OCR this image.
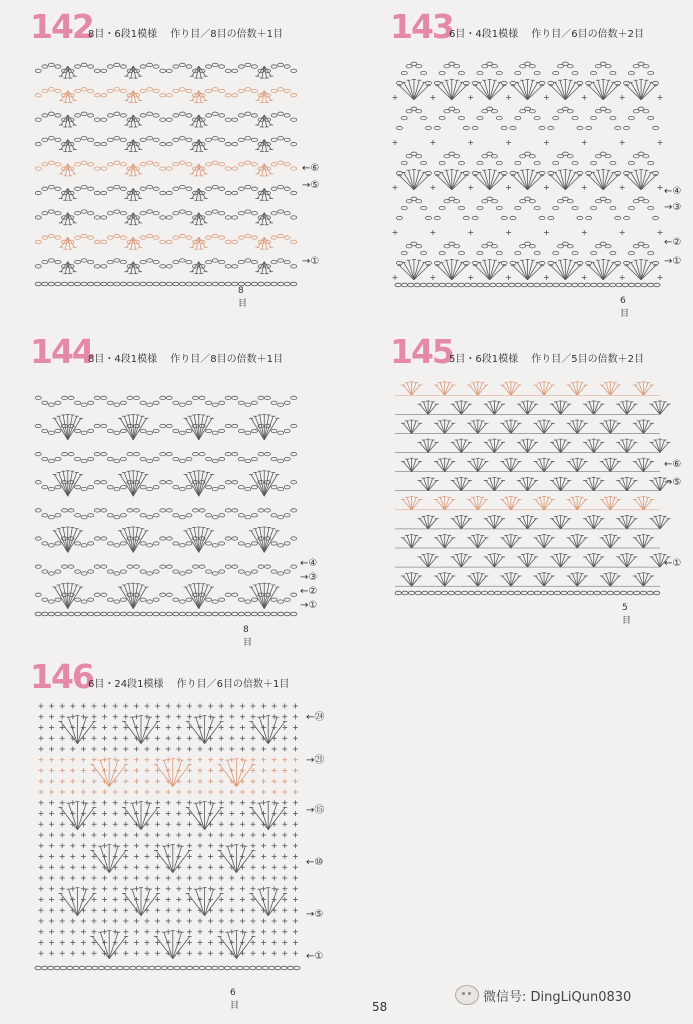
142
8目・6段1模様　 作り目／8目の倍数＋1目
←⑥
→⑤
→①
8目
143
6目・4段1模様　 作り目／6目の倍数＋2目
←④
→③
←②
→①
6目
144
8目・4段1模様　 作り目／8目の倍数＋1目
←④
→③
←②
→①
8目
145
5目・6段1模様　 作り目／5目の倍数＋2目
←⑥
→⑤
←①
5目
146
6目・24段1模様　 作り目／6目の倍数＋1目
←㉔
→㉑
→⑮
←⑩
→⑤
←①
6目	58
微信号: DingLiQun0830
